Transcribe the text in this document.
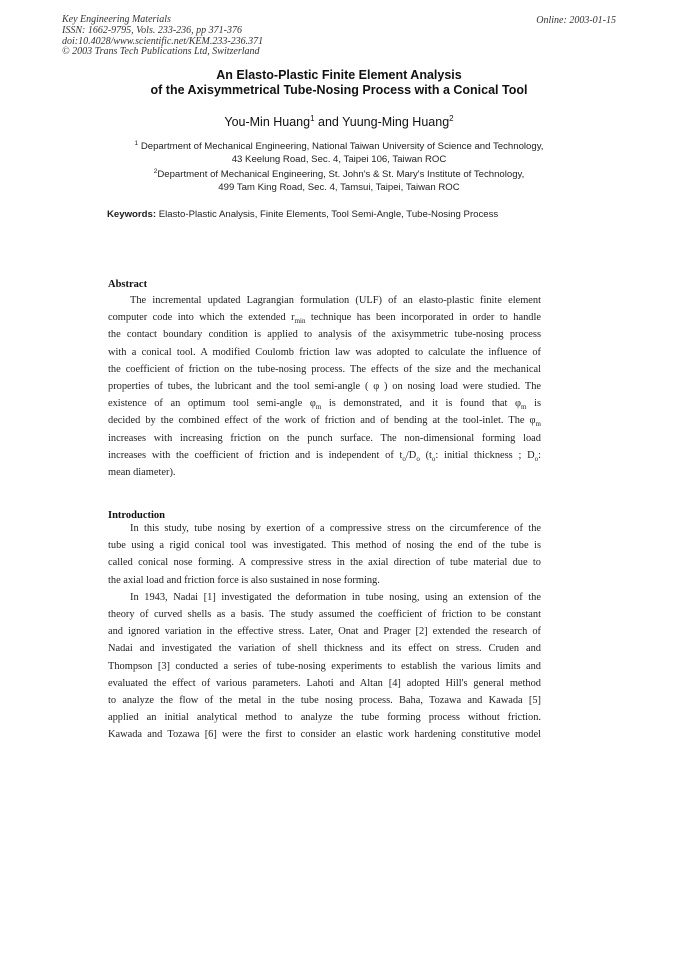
Key Engineering Materials
ISSN: 1662-9795, Vols. 233-236, pp 371-376
doi:10.4028/www.scientific.net/KEM.233-236.371
© 2003 Trans Tech Publications Ltd, Switzerland
Online: 2003-01-15
An Elasto-Plastic Finite Element Analysis
of the Axisymmetrical Tube-Nosing Process with a Conical Tool
You-Min Huang$^1$ and Yuung-Ming Huang$^2$
$^1$ Department of Mechanical Engineering, National Taiwan University of Science and Technology,
43 Keelung Road, Sec. 4, Taipei 106, Taiwan ROC
$^2$Department of Mechanical Engineering, St. John's & St. Mary's Institute of Technology,
499 Tam King Road, Sec. 4, Tamsui, Taipei, Taiwan ROC
Keywords: Elasto-Plastic Analysis, Finite Elements, Tool Semi-Angle, Tube-Nosing Process
Abstract
The incremental updated Lagrangian formulation (ULF) of an elasto-plastic finite element
computer code into which the extended $r_{min}$ technique has been incorporated in order to handle
the contact boundary condition is applied to analysis of the axisymmetric tube-nosing process
with a conical tool. A modified Coulomb friction law was adopted to calculate the influence of
the coefficient of friction on the tube-nosing process. The effects of the size and the mechanical
properties of tubes, the lubricant and the tool semi-angle ( φ ) on nosing load were studied. The
existence of an optimum tool semi-angle $\varphi_m$ is demonstrated, and it is found that $\varphi_m$ is
decided by the combined effect of the work of friction and of bending at the tool-inlet. The $\varphi_m$
increases with increasing friction on the punch surface. The non-dimensional forming load
increases with the coefficient of friction and is independent of $t_o/D_o$ ($t_o$: initial thickness ; $D_o$:
mean diameter).
Introduction
In this study, tube nosing by exertion of a compressive stress on the circumference of the
tube using a rigid conical tool was investigated. This method of nosing the end of the tube is
called conical nose forming. A compressive stress in the axial direction of tube material due to
the axial load and friction force is also sustained in nose forming.
In 1943, Nadai [1] investigated the deformation in tube nosing, using an extension of the
theory of curved shells as a basis. The study assumed the coefficient of friction to be constant
and ignored variation in the effective stress. Later, Onat and Prager [2] extended the research of
Nadai and investigated the variation of shell thickness and its effect on stress. Cruden and
Thompson [3] conducted a series of tube-nosing experiments to establish the various limits and
evaluated the effect of various parameters. Lahoti and Altan [4] adopted Hill's general method
to analyze the flow of the metal in the tube nosing process. Baha, Tozawa and Kawada [5]
applied an initial analytical method to analyze the tube forming process without friction.
Kawada and Tozawa [6] were the first to consider an elastic work hardening constitutive model
